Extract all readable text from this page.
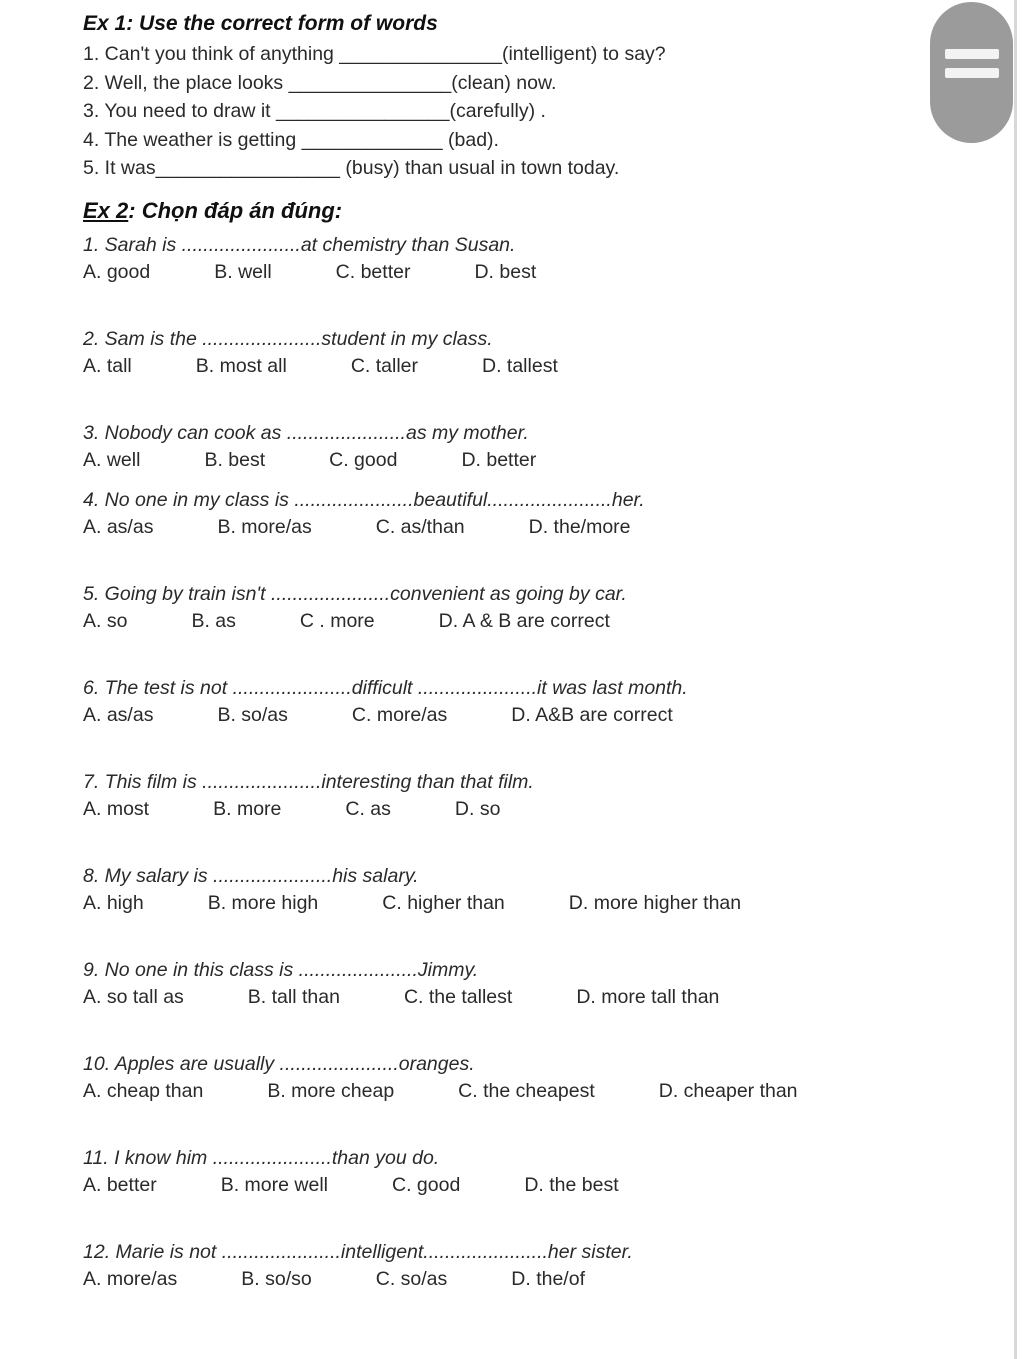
Ex 1: Use the correct form of words
1. Can't you think of anything _______________(intelligent) to say?
2. Well, the place looks _______________(clean) now.
3. You need to draw it ________________(carefully) .
4. The weather is getting _____________ (bad).
5. It was_________________ (busy) than usual in town today.
Ex 2: Chọn đáp án đúng:
1. Sarah is ......................at chemistry than Susan.
A. good	B. well	C. better	D. best
2. Sam is the ......................student in my class.
A. tall	B. most all	C. taller	D. tallest
3. Nobody can cook as ......................as my mother.
A. well	B. best	C. good	D. better
4. No one in my class is ......................beautiful.......................her.
A. as/as	B. more/as	C. as/than	D. the/more
5. Going by train isn't ......................convenient as going by car.
A. so	B. as	C . more	D. A & B are correct
6. The test is not ......................difficult ......................it was last month.
A. as/as	B. so/as	C. more/as	D. A&B are correct
7. This film is ......................interesting than that film.
A. most	B. more	C. as	D. so
8. My salary is ......................his salary.
A. high	B. more high	C. higher than	D. more higher than
9. No one in this class is ......................Jimmy.
A. so tall as	B. tall than	C. the tallest	D. more tall than
10. Apples are usually ......................oranges.
A. cheap than	B. more cheap	C. the cheapest	D. cheaper than
11. I know him ......................than you do.
A. better	B. more well	C. good	D. the best
12. Marie is not ......................intelligent.......................her sister.
A. more/as	B. so/so	C. so/as	D. the/of
